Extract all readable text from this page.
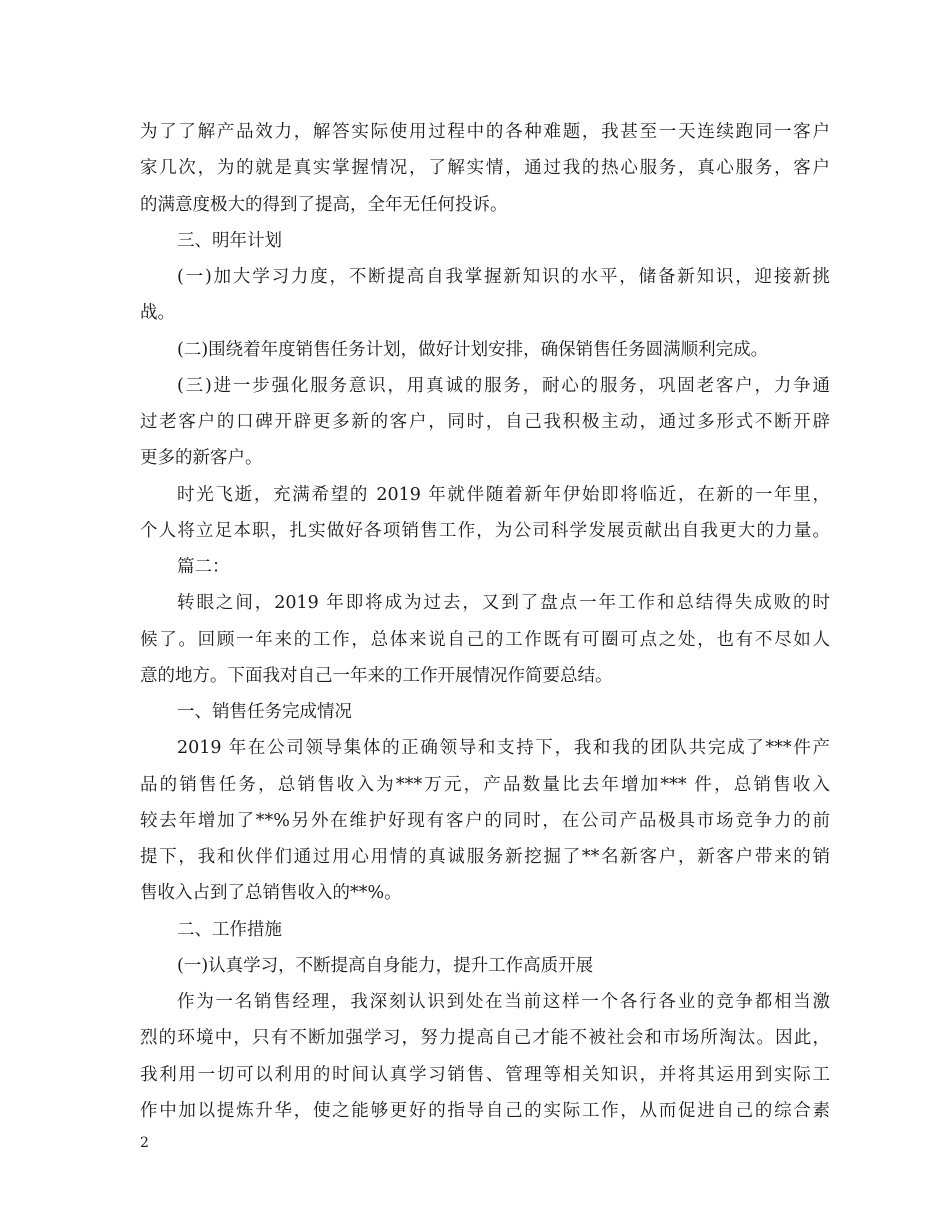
为了了解产品效力，解答实际使用过程中的各种难题，我甚至一天连续跑同一客户
家几次，为的就是真实掌握情况，了解实情，通过我的热心服务，真心服务，客户
的满意度极大的得到了提高，全年无任何投诉。
三、明年计划
(一)加大学习力度，不断提高自我掌握新知识的水平，储备新知识，迎接新挑
战。
(二)围绕着年度销售任务计划，做好计划安排，确保销售任务圆满顺利完成。
(三)进一步强化服务意识，用真诚的服务，耐心的服务，巩固老客户，力争通
过老客户的口碑开辟更多新的客户，同时，自己我积极主动，通过多形式不断开辟
更多的新客户。
时光飞逝，充满希望的 2019 年就伴随着新年伊始即将临近，在新的一年里，
个人将立足本职，扎实做好各项销售工作，为公司科学发展贡献出自我更大的力量。
篇二：
转眼之间，2019 年即将成为过去，又到了盘点一年工作和总结得失成败的时
候了。回顾一年来的工作，总体来说自己的工作既有可圈可点之处，也有不尽如人
意的地方。下面我对自己一年来的工作开展情况作简要总结。
一、销售任务完成情况
2019 年在公司领导集体的正确领导和支持下，我和我的团队共完成了***件产
品的销售任务，总销售收入为***万元，产品数量比去年增加*** 件，总销售收入
较去年增加了**%另外在维护好现有客户的同时，在公司产品极具市场竞争力的前
提下，我和伙伴们通过用心用情的真诚服务新挖掘了**名新客户，新客户带来的销
售收入占到了总销售收入的**%。
二、工作措施
(一)认真学习，不断提高自身能力，提升工作高质开展
作为一名销售经理，我深刻认识到处在当前这样一个各行各业的竞争都相当激
烈的环境中，只有不断加强学习，努力提高自己才能不被社会和市场所淘汰。因此，
我利用一切可以利用的时间认真学习销售、管理等相关知识，并将其运用到实际工
作中加以提炼升华，使之能够更好的指导自己的实际工作，从而促进自己的综合素
2
